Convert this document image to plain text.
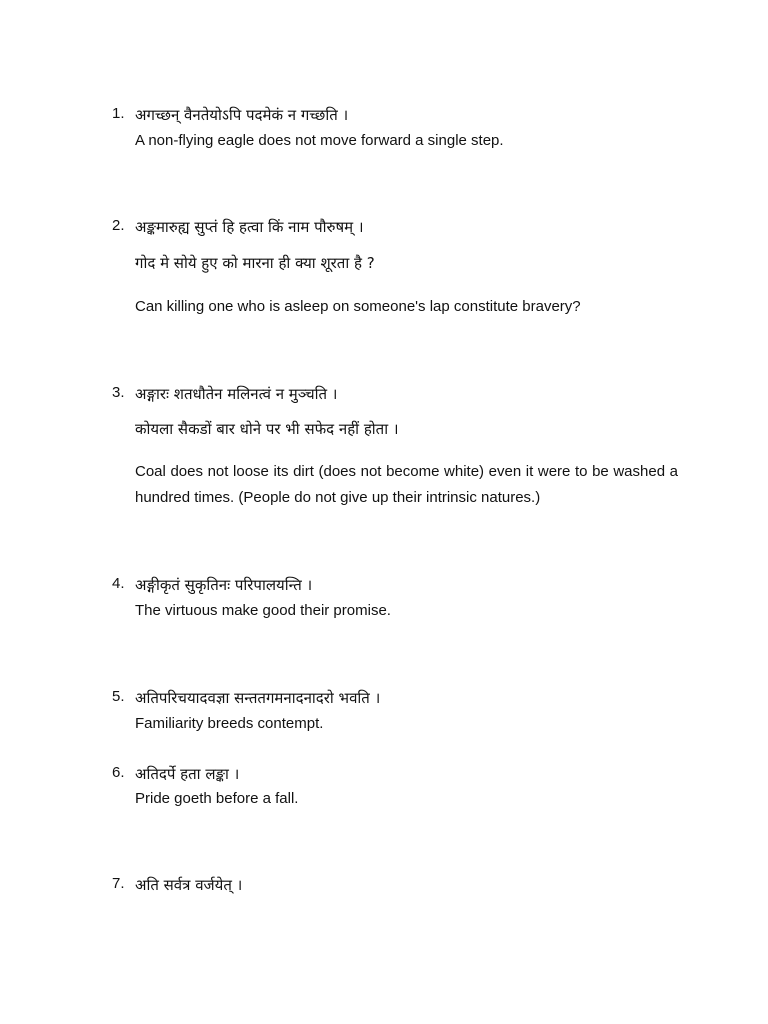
1. अगच्छन् वैनतेयोऽपि पदमेकं न गच्छति ।
A non-flying eagle does not move forward a single step.
2. अङ्कमारुह्य सुप्तं हि हत्वा किं नाम पौरुषम् ।
गोद मे सोये हुए को मारना ही क्या शूरता है ?
Can killing one who is asleep on someone's lap constitute bravery?
3. अङ्गारः शतधौतेन मलिनत्वं न मुञ्चति ।
कोयला सैकडों बार धोने पर भी सफेद नहीं होता ।
Coal does not loose its dirt (does not become white) even it were to be washed a hundred times. (People do not give up their intrinsic natures.)
4. अङ्गीकृतं सुकृतिनः परिपालयन्ति ।
The virtuous make good their promise.
5. अतिपरिचयादवज्ञा सन्ततगमनादनादरो भवति ।
Familiarity breeds contempt.
6. अतिदर्पे हता लङ्का ।
Pride goeth before a fall.
7. अति सर्वत्र वर्जयेत् ।
